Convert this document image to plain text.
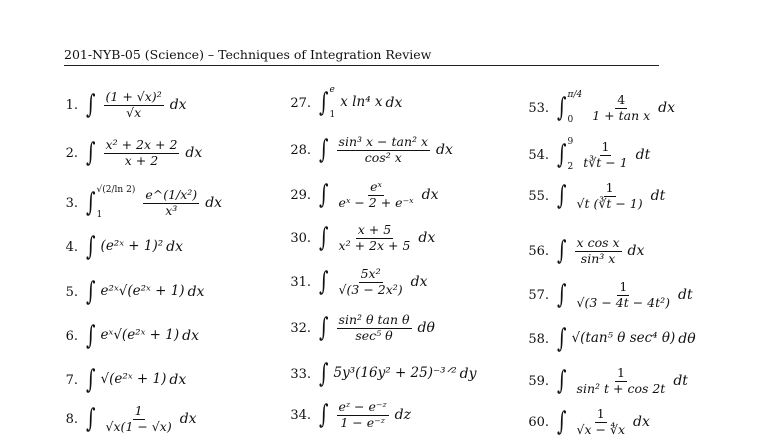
201-NYB-05 (Science) – Techniques of Integration Review
1. ∫ $\frac{\text{(1 + √x)²}}{√x}$ dx
2. ∫ $\frac{\text{x² + 2x + 2}}{x + 2}$ dx
3. ∫ √(2/ln 2)
1	$\frac{\text{e\textasciicircum{}(1/x²)}}{\text{x³}}$ dx
4. ∫ (e²ˣ + 1)² dx
5. ∫ e²ˣ√(e²ˣ + 1) dx
6. ∫ eˣ√(e²ˣ + 1) dx
7. ∫ √(e²ˣ + 1) dx
8. ∫ $\frac{1}{√x(1 - √x)}$ dx
27. ∫ e
1
x ln⁴ x dx
28. ∫ $\frac{\text{sin³ x − tan² x}}{\text{cos² x}}$ dx
29. ∫ $\frac{\text{eˣ}}{\text{eˣ − 2 + e⁻ˣ}}$ dx
30. ∫ $\frac{x + 5}{\text{x² + 2x + 5}}$ dx
31. ∫ $\frac{\text{5x²}}{\text{√(3 − 2x²)}}$ dx
32. ∫ $\frac{\text{sin² θ tan θ}}{\text{sec⁵ θ}}$ dθ
33. ∫ 5y³(16y² + 25)⁻³ᐟ² dy
34. ∫ $\frac{\text{eᶻ − e⁻ᶻ}}{\text{1 − e⁻ᶻ}}$ dz
53. ∫ π/4
0	$\frac{4}{\text{1 + tan x}}$ dx
54. ∫ 9
$2 \frac{1}{t∛t - 1}$ dt
55. ∫ $\frac{1}{√t (∛t - 1)}$ dt
56. ∫ $\frac{\text{x cos x}}{\text{sin³ x}}$ dx
57. ∫ $\frac{1}{\text{√(3 − 4t − 4t²)}}$ dt
58. ∫ √(tan⁵ θ sec⁴ θ) dθ
59. ∫ $\frac{1}{\text{sin² t + cos 2t}}$ dt
60. ∫ $\frac{1}{√x - ∜x}$ dx
